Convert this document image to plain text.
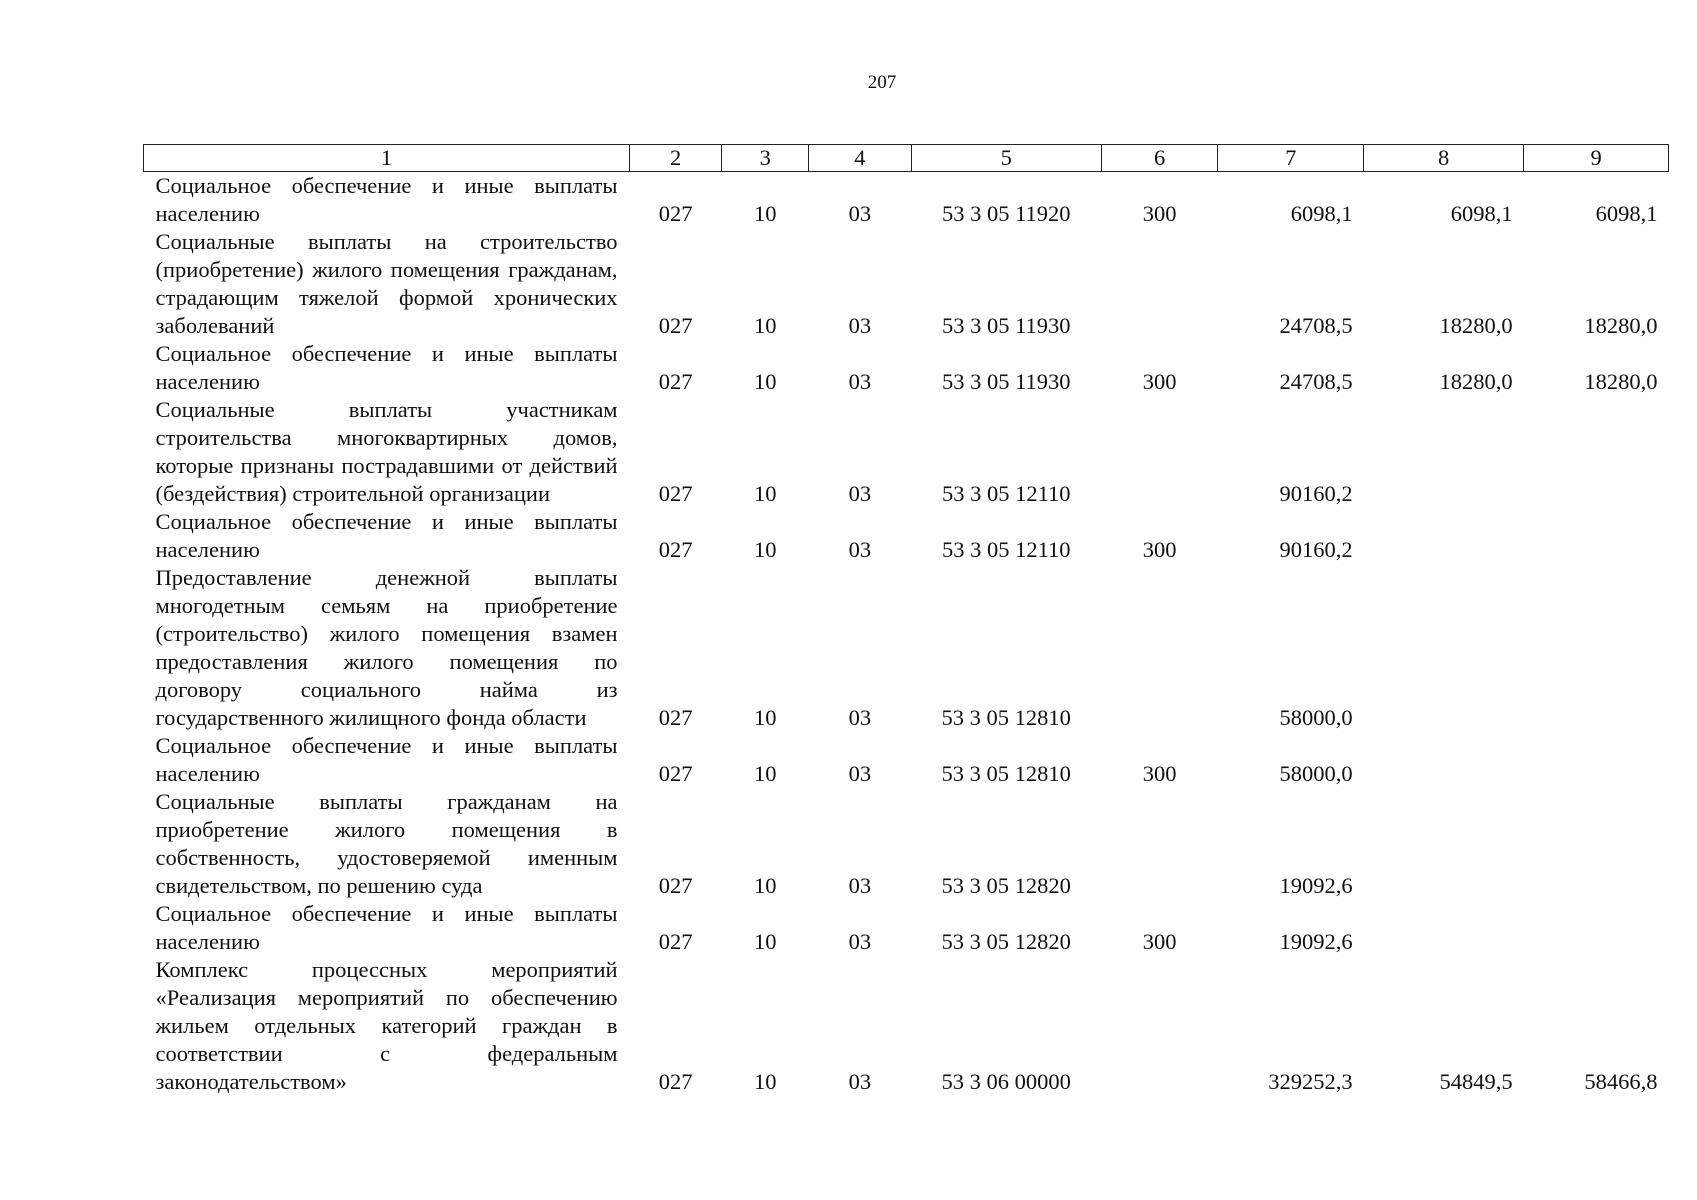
207
1	2	3	4	5	6	7	8	9
Социальное обеспечение и иные выплаты населению	027	10	03	53 3 05 11920	300	6098,1	6098,1	6098,1
Социальные выплаты на строительство (приобретение) жилого помещения гражданам, страдающим тяжелой формой хронических заболеваний	027	10	03	53 3 05 11930		24708,5	18280,0	18280,0
Социальное обеспечение и иные выплаты населению	027	10	03	53 3 05 11930	300	24708,5	18280,0	18280,0
Социальные выплаты участникам строительства многоквартирных домов, которые признаны пострадавшими от действий (бездействия) строительной организации	027	10	03	53 3 05 12110		90160,2		
Социальное обеспечение и иные выплаты населению	027	10	03	53 3 05 12110	300	90160,2		
Предоставление денежной выплаты многодетным семьям на приобретение (строительство) жилого помещения взамен предоставления жилого помещения по договору социального найма из государственного жилищного фонда области	027	10	03	53 3 05 12810		58000,0		
Социальное обеспечение и иные выплаты населению	027	10	03	53 3 05 12810	300	58000,0		
Социальные выплаты гражданам на приобретение жилого помещения в собственность, удостоверяемой именным свидетельством, по решению суда	027	10	03	53 3 05 12820		19092,6		
Социальное обеспечение и иные выплаты населению	027	10	03	53 3 05 12820	300	19092,6		
Комплекс процессных мероприятий «Реализация мероприятий по обеспечению жильем отдельных категорий граждан в соответствии с федеральным законодательством»	027	10	03	53 3 06 00000		329252,3	54849,5	58466,8
